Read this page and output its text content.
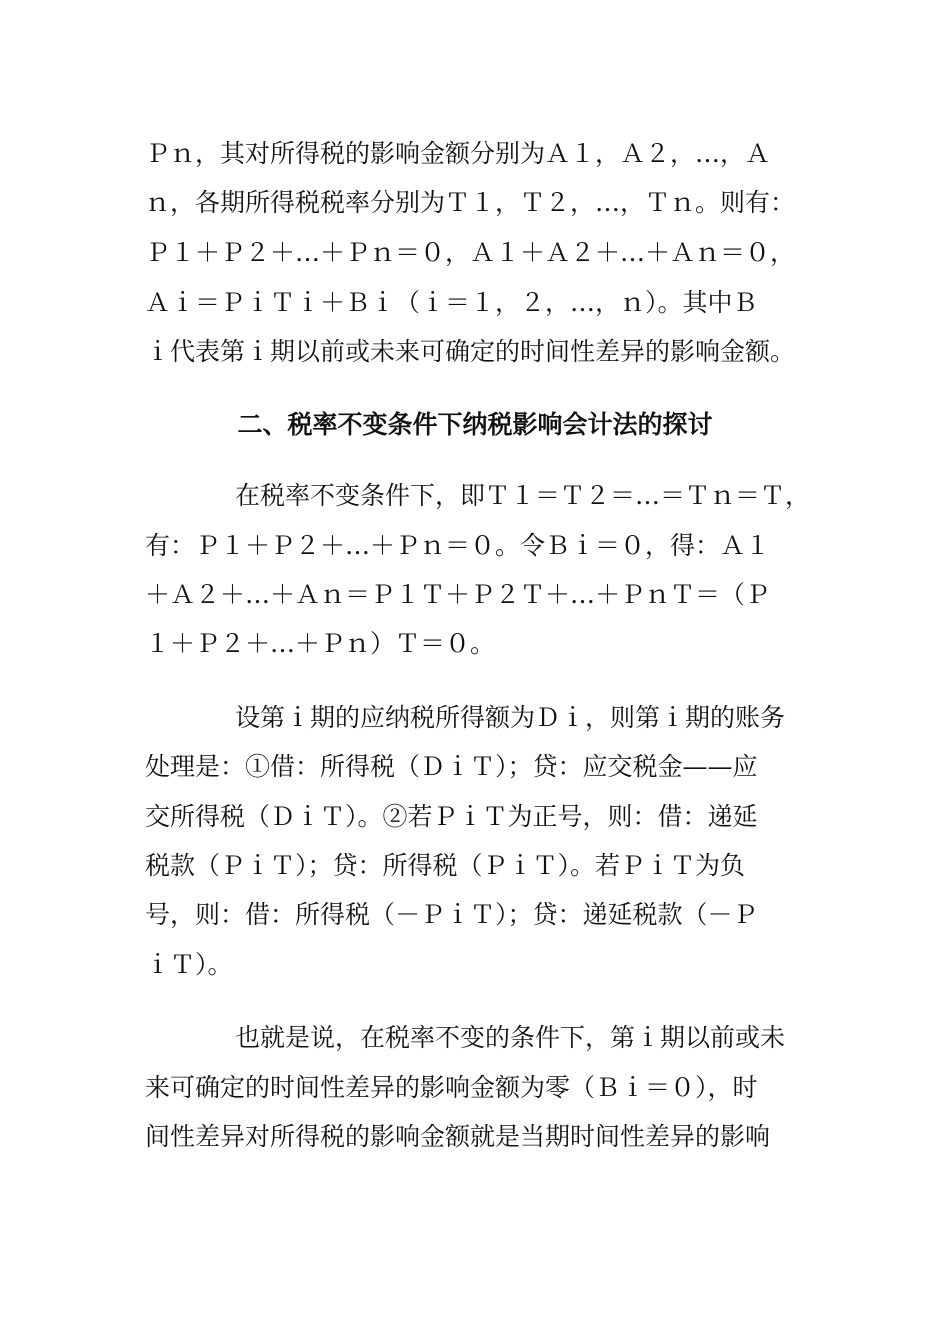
Ｐｎ，其对所得税的影响金额分别为Ａ１，Ａ２，…，Ａ

ｎ，各期所得税税率分别为Ｔ１，Ｔ２，…，Ｔｎ。则有：

Ｐ１＋Ｐ２＋…＋Ｐｎ＝０，Ａ１＋Ａ２＋…＋Ａｎ＝０，

Ａｉ＝ＰｉＴｉ＋Ｂｉ（ｉ＝１，２，…，ｎ）。其中Ｂ

ｉ代表第ｉ期以前或未来可确定的时间性差异的影响金额。

二、税率不变条件下纳税影响会计法的探讨

在税率不变条件下，即Ｔ１＝Ｔ２＝…＝Ｔｎ＝Ｔ，

有：Ｐ１＋Ｐ２＋…＋Ｐｎ＝０。令Ｂｉ＝０，得：Ａ１

＋Ａ２＋…＋Ａｎ＝Ｐ１Ｔ＋Ｐ２Ｔ＋…＋ＰｎＴ＝（Ｐ

１＋Ｐ２＋…＋Ｐｎ）Ｔ＝０。

设第ｉ期的应纳税所得额为Ｄｉ，则第ｉ期的账务

处理是：①借：所得税（ＤｉＴ）；贷：应交税金——应

交所得税（ＤｉＴ）。②若ＰｉＴ为正号，则：借：递延

税款（ＰｉＴ）；贷：所得税（ＰｉＴ）。若ＰｉＴ为负

号，则：借：所得税（－ＰｉＴ）；贷：递延税款（－Ｐ

ｉＴ）。

也就是说，在税率不变的条件下，第ｉ期以前或未

来可确定的时间性差异的影响金额为零（Ｂｉ＝０），时

间性差异对所得税的影响金额就是当期时间性差异的影响
